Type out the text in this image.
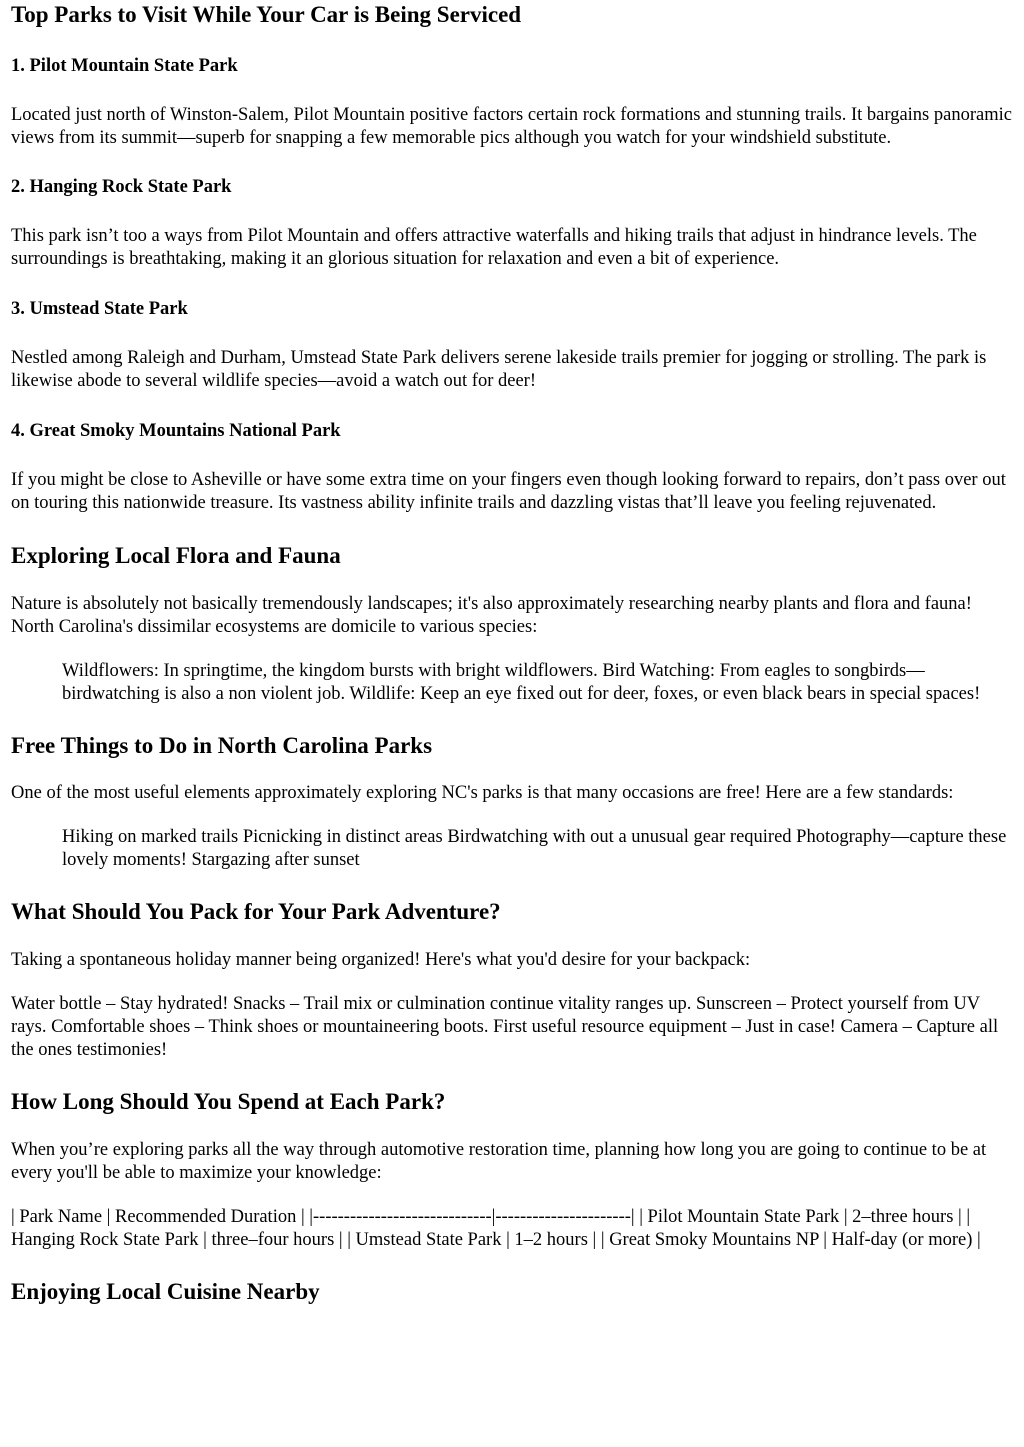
Top Parks to Visit While Your Car is Being Serviced
1. Pilot Mountain State Park

Located just north of Winston-Salem, Pilot Mountain positive factors certain rock formations and stunning trails. It bargains panoramic views from its summit—superb for snapping a few memorable pics although you watch for your windshield substitute.

2. Hanging Rock State Park

This park isn’t too a ways from Pilot Mountain and offers attractive waterfalls and hiking trails that adjust in hindrance levels. The surroundings is breathtaking, making it an glorious situation for relaxation and even a bit of experience.

3. Umstead State Park

Nestled among Raleigh and Durham, Umstead State Park delivers serene lakeside trails premier for jogging or strolling. The park is likewise abode to several wildlife species—avoid a watch out for deer!

4. Great Smoky Mountains National Park

If you might be close to Asheville or have some extra time on your fingers even though looking forward to repairs, don’t pass over out on touring this nationwide treasure. Its vastness ability infinite trails and dazzling vistas that’ll leave you feeling rejuvenated.

Exploring Local Flora and Fauna

Nature is absolutely not basically tremendously landscapes; it's also approximately researching nearby plants and flora and fauna! North Carolina's dissimilar ecosystems are domicile to various species:

Wildflowers: In springtime, the kingdom bursts with bright wildflowers. Bird Watching: From eagles to songbirds—birdwatching is also a non violent job. Wildlife: Keep an eye fixed out for deer, foxes, or even black bears in special spaces!
Free Things to Do in North Carolina Parks

One of the most useful elements approximately exploring NC's parks is that many occasions are free! Here are a few standards:

Hiking on marked trails Picnicking in distinct areas Birdwatching with out a unusual gear required Photography—capture these lovely moments! Stargazing after sunset
What Should You Pack for Your Park Adventure?

Taking a spontaneous holiday manner being organized! Here's what you'd desire for your backpack:

Water bottle – Stay hydrated! Snacks – Trail mix or culmination continue vitality ranges up. Sunscreen – Protect yourself from UV rays. Comfortable shoes – Think shoes or mountaineering boots. First useful resource equipment – Just in case! Camera – Capture all the ones testimonies!

How Long Should You Spend at Each Park?

When you’re exploring parks all the way through automotive restoration time, planning how long you are going to continue to be at every you'll be able to maximize your knowledge:

| Park Name | Recommended Duration | |-----------------------------|----------------------| | Pilot Mountain State Park | 2–three hours | | Hanging Rock State Park | three–four hours | | Umstead State Park | 1–2 hours | | Great Smoky Mountains NP | Half-day (or more) |

Enjoying Local Cuisine Nearby
